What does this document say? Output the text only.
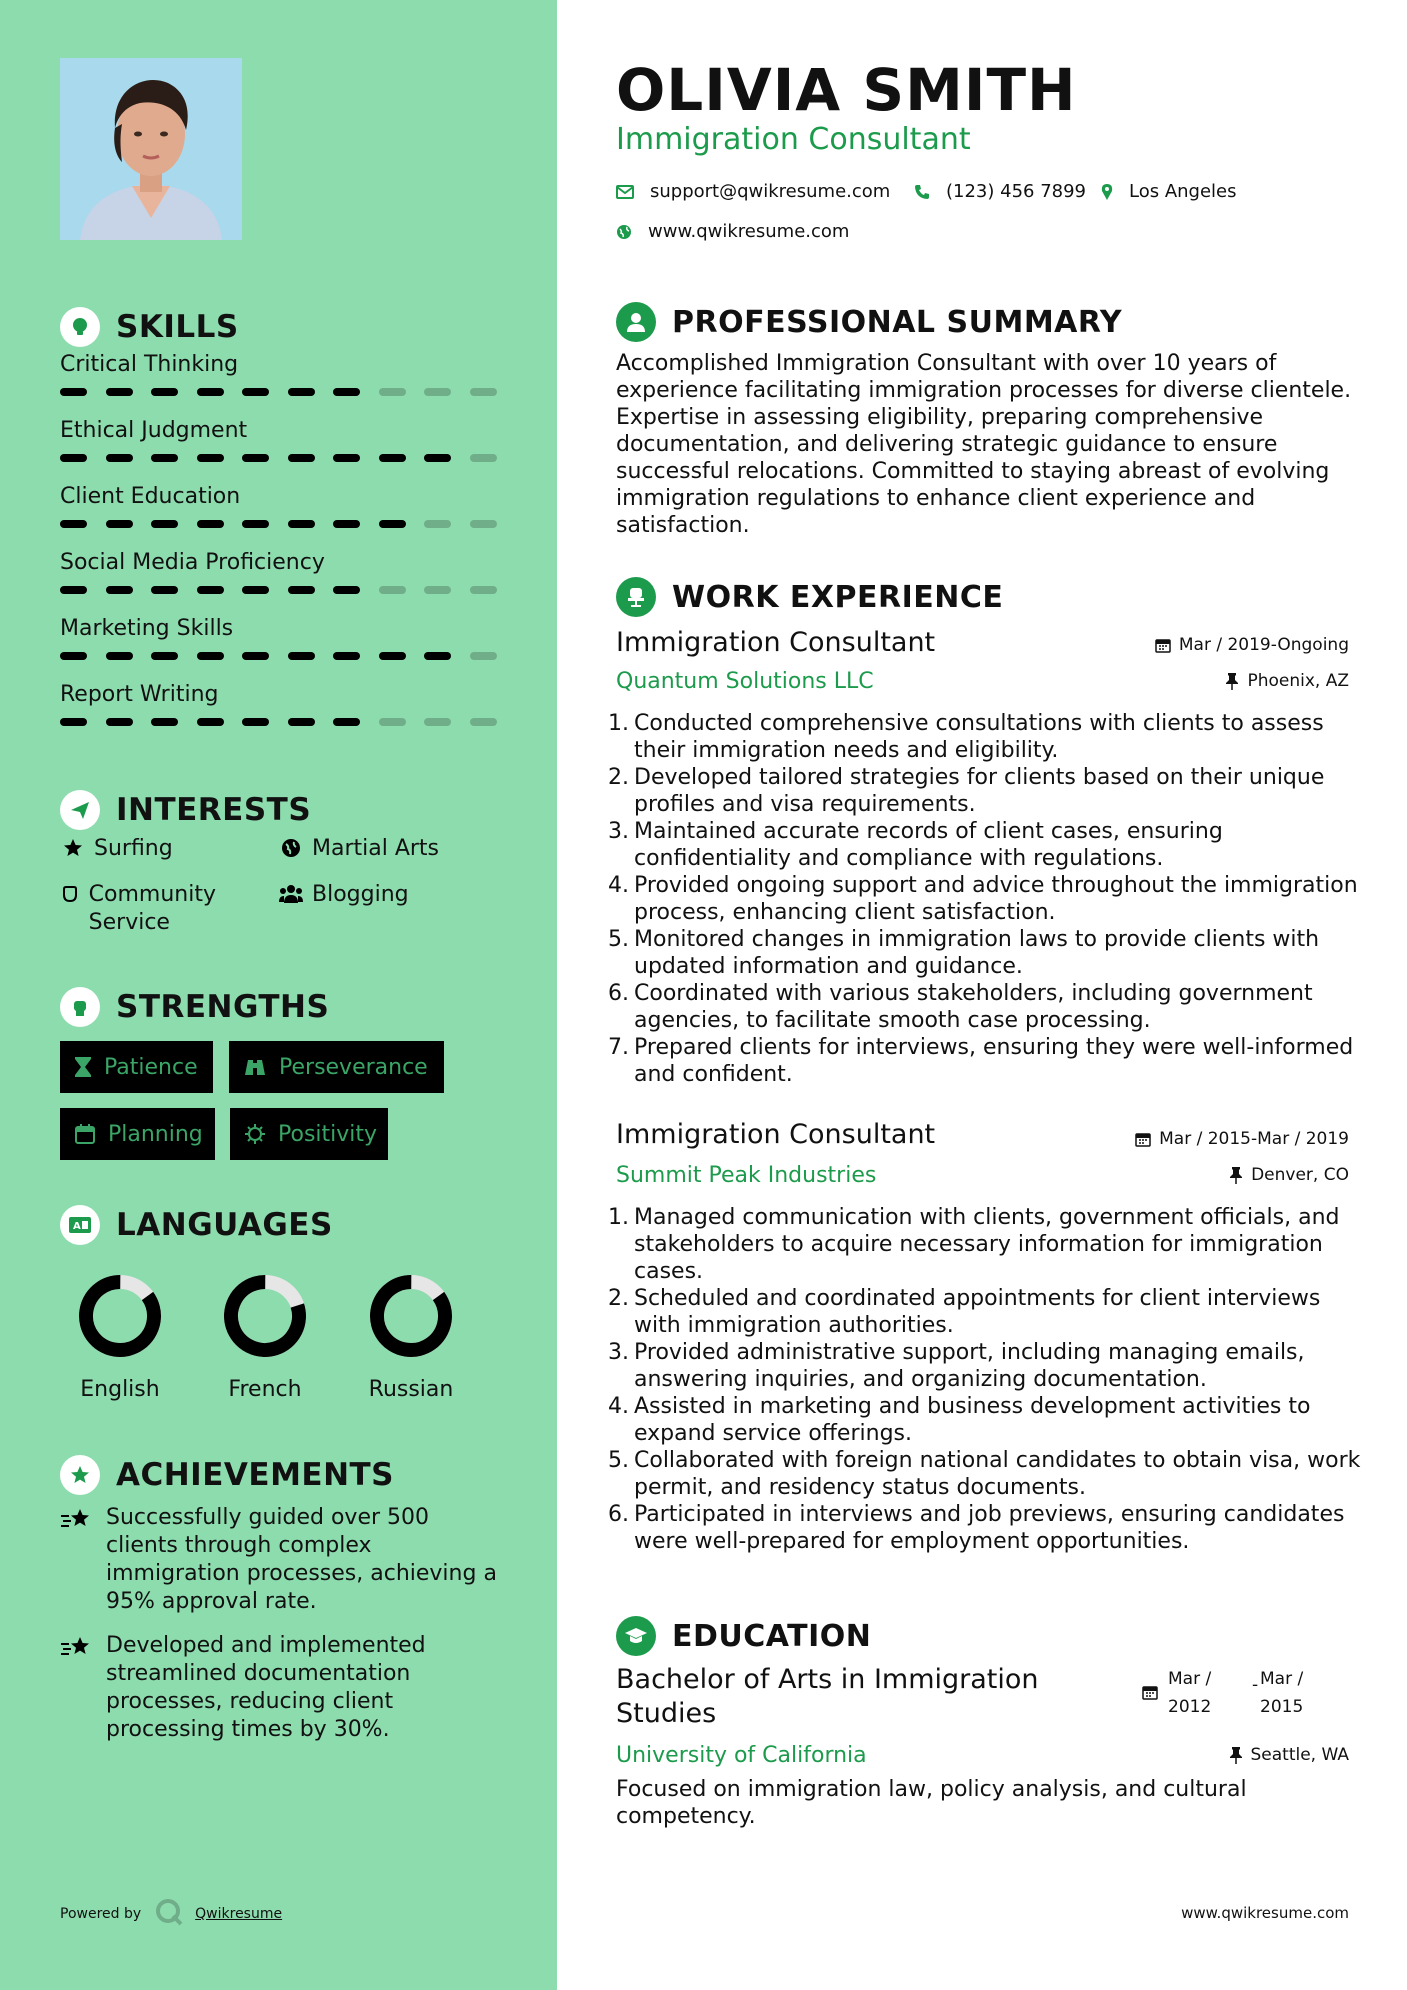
SKILLS
Critical Thinking
Ethical Judgment
Client Education
Social Media Proficiency
Marketing Skills
Report Writing
INTERESTS
Surfing	Martial Arts
Community Service
Blogging
STRENGTHS
Patience	Perseverance
Planning	Positivity
A LANGUAGES
English	French	Russian
ACHIEVEMENTS
Successfully guided over 500 clients through complex immigration processes, achieving a 95% approval rate.
Developed and implemented streamlined documentation processes, reducing client processing times by 30%.
Powered by	Qwikresume
OLIVIA SMITH
Immigration Consultant
support@qwikresume.com	(123) 456 7899 Los Angeles
www.qwikresume.com
PROFESSIONAL SUMMARY
Accomplished Immigration Consultant with over 10 years of experience facilitating immigration processes for diverse clientele. Expertise in assessing eligibility, preparing comprehensive documentation, and delivering strategic guidance to ensure successful relocations. Committed to staying abreast of evolving immigration regulations to enhance client experience and satisfaction.
WORK EXPERIENCE
Immigration Consultant
Quantum Solutions LLC
Mar / 2019-Ongoing
Phoenix, AZ
1. Conducted comprehensive consultations with clients to assess their immigration needs and eligibility.
2. Developed tailored strategies for clients based on their unique profiles and visa requirements.
3. Maintained accurate records of client cases, ensuring confidentiality and compliance with regulations.
4. Provided ongoing support and advice throughout the immigration process, enhancing client satisfaction.
5. Monitored changes in immigration laws to provide clients with updated information and guidance.
6. Coordinated with various stakeholders, including government agencies, to facilitate smooth case processing.
7. Prepared clients for interviews, ensuring they were well-informed and confident.
Immigration Consultant
Summit Peak Industries
Mar / 2015-Mar / 2019
Denver, CO
1. Managed communication with clients, government officials, and stakeholders to acquire necessary information for immigration cases.
2. Scheduled and coordinated appointments for client interviews with immigration authorities.
3. Provided administrative support, including managing emails, answering inquiries, and organizing documentation.
4. Assisted in marketing and business development activities to expand service offerings.
5. Collaborated with foreign national candidates to obtain visa, work permit, and residency status documents.
6. Participated in interviews and job previews, ensuring candidates were well-prepared for employment opportunities.
EDUCATION
Bachelor of Arts in Immigration Studies
Mar / 2012
- Mar / 2015
University of California	Seattle, WA
Focused on immigration law, policy analysis, and cultural competency.
www.qwikresume.com
